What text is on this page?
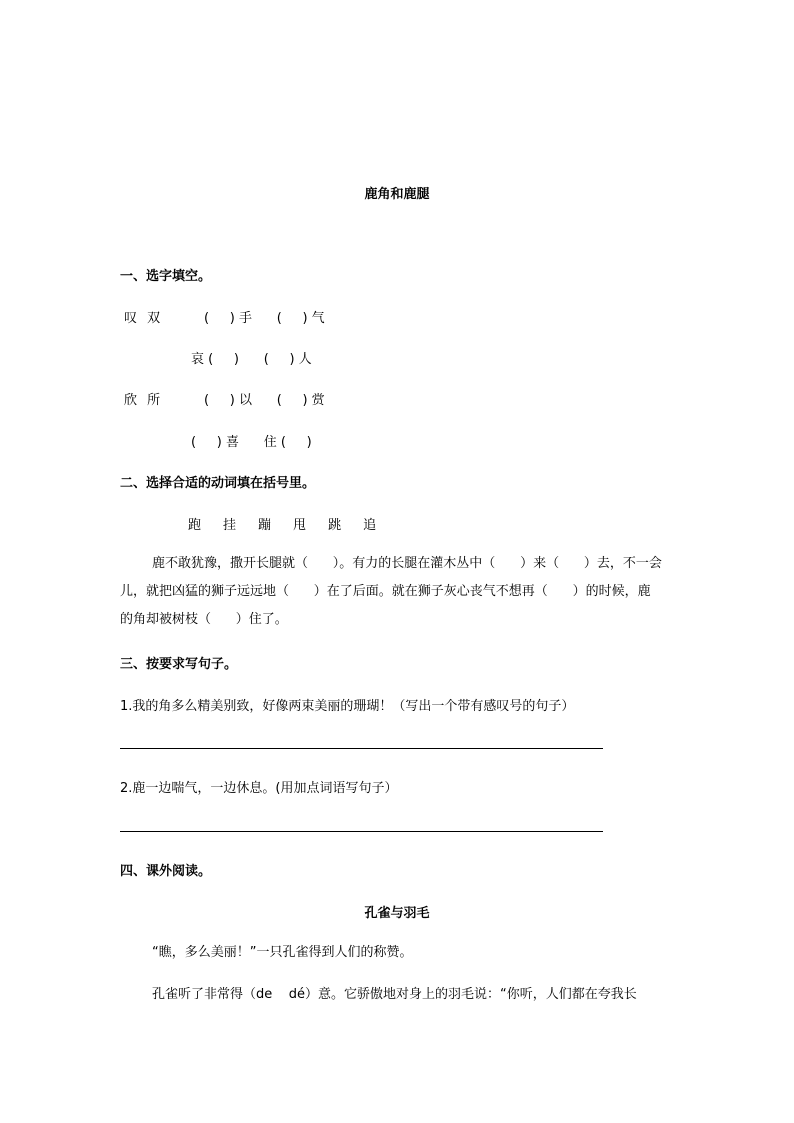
鹿角和鹿腿
一、选字填空。
叹 双	(     ) 手      (     ) 气
哀 (     )      (     ) 人
欣 所	(     ) 以      (     ) 赏
(     ) 喜      住 (     )
二、选择合适的动词填在括号里。
跑 挂 蹦 甩 跳 追
鹿不敢犹豫，撒开长腿就（      ）。有力的长腿在灌木丛中（      ）来（      ）去，不一会
儿，就把凶猛的狮子远远地（      ）在了后面。就在狮子灰心丧气不想再（      ）的时候，鹿
的角却被树枝（      ）住了。
三、按要求写句子。
1.我的角多么精美别致，好像两束美丽的珊瑚！（写出一个带有感叹号的句子）
2.鹿一边喘气，一边休息。(用加点词语写句子）
四、课外阅读。
孔雀与羽毛
“瞧，多么美丽！”一只孔雀得到人们的称赞。
孔雀听了非常得（de    dé）意。它骄傲地对身上的羽毛说：“你听，人们都在夸我长
